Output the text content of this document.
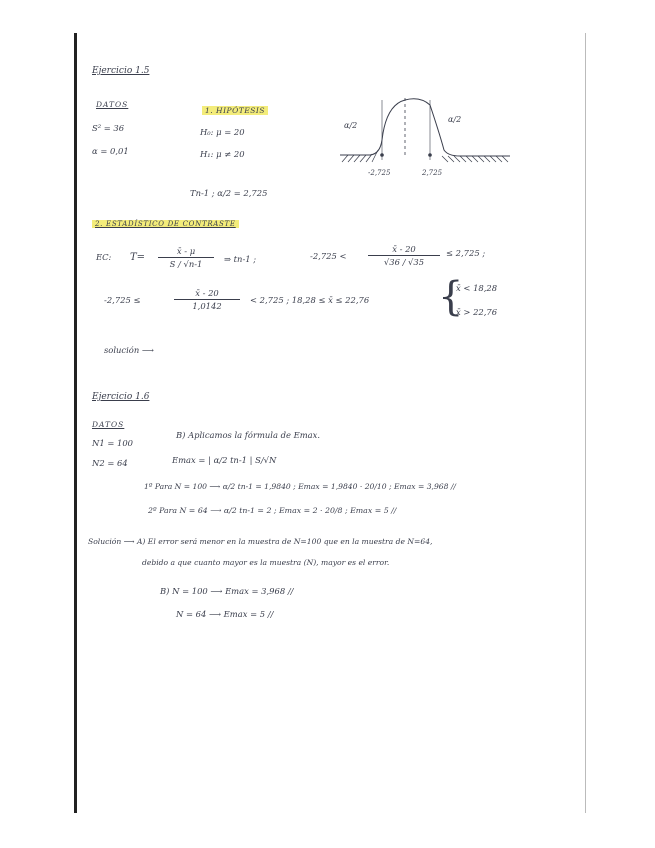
Ejercicio 1.5
DATOS
S² = 36
α = 0,01
1. HIPÓTESIS
H₀: μ = 20
H₁: μ ≠ 20
Tn-1 ; α/2 = 2,725
α/2
α/2
-2,725	2,725
2. ESTADÍSTICO DE CONTRASTE
EC: $T= \frac{x̄ - \mu}{S / √n-1}$ ⇒ tn-1 ;	-2,725 <	$\frac{x̄ - 20}{√36 / √35} \le 2,725$ ;
-2,725 ≤	$\frac{x̄ - 20}{1,0142} < 2,725$ ; 18,28 ≤ x̄ ≤ 22,76 {
x̄ < 18,28
x̄ > 22,76
solución ⟶
Ejercicio 1.6
DATOS
N1 = 100
N2 = 64
B) Aplicamos la fórmula de Emax.
Emax = | α/2 tn-1 | S/√N
1º Para N = 100 ⟶ α/2 tn-1 = 1,9840 ; Emax = 1,9840 · 20/10 ; Emax = 3,968 //
2º Para N = 64 ⟶ α/2 tn-1 = 2 ; Emax = 2 · 20/8 ; Emax = 5 //
Solución ⟶ A) El error será menor en la muestra de N=100 que en la muestra de N=64,
debido a que cuanto mayor es la muestra (N), mayor es el error.
B) N = 100 ⟶ Emax = 3,968 //
N = 64 ⟶ Emax = 5 //
